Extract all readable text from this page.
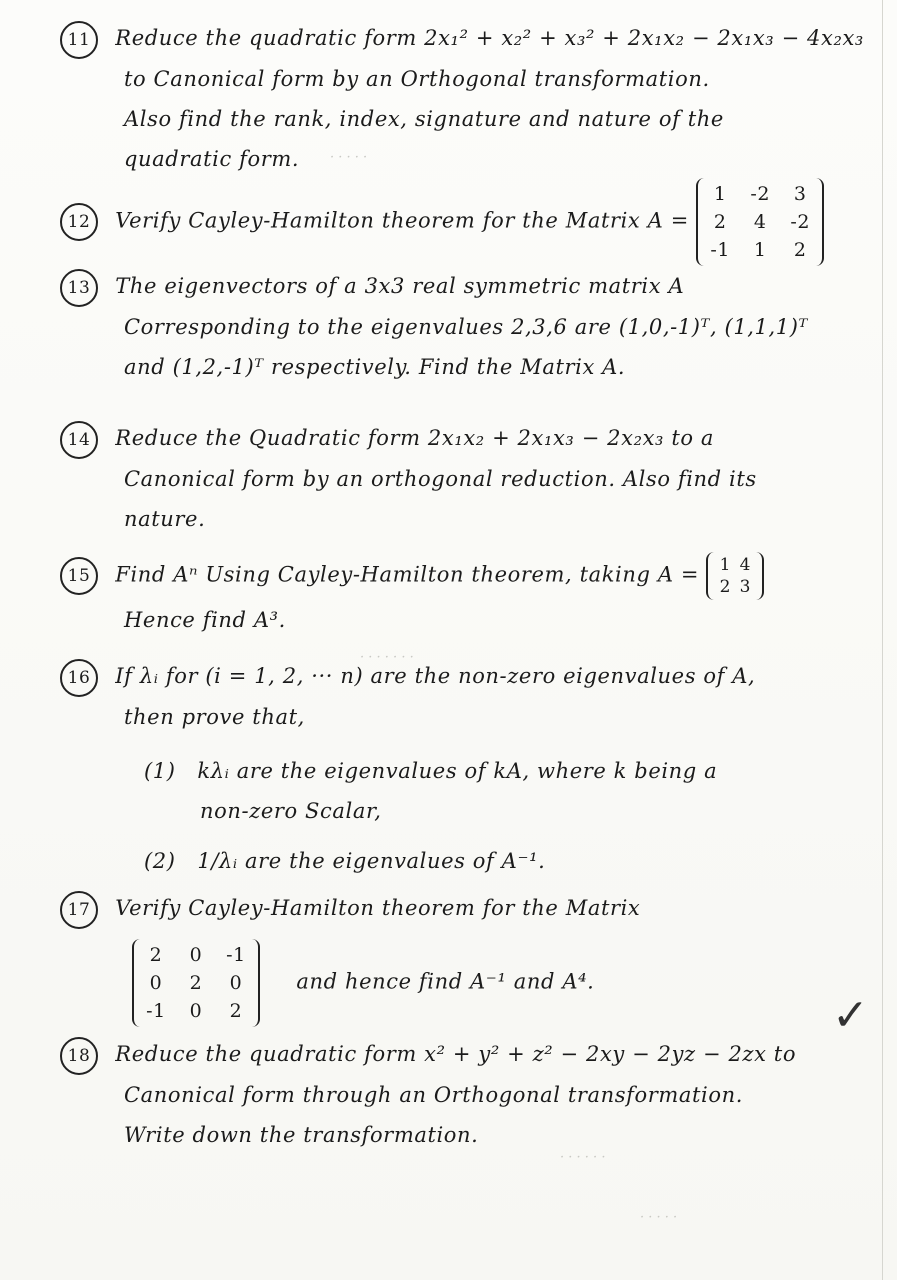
· · · · ·
· · · · · · ·
11 Reduce the quadratic form 2x₁² + x₂² + x₃² + 2x₁x₂ − 2x₁x₃ − 4x₂x₃
to Canonical form by an Orthogonal transformation.
Also find the rank, index, signature and nature of the
quadratic form.
12 Verify Cayley-Hamilton theorem for the Matrix A =
1 -2 3
2 4 -2
-1 1 2
13 The eigenvectors of a 3x3 real symmetric matrix A
Corresponding to the eigenvalues 2,3,6 are (1,0,-1)ᵀ, (1,1,1)ᵀ
and (1,2,-1)ᵀ respectively. Find the Matrix A.
14 Reduce the Quadratic form 2x₁x₂ + 2x₁x₃ − 2x₂x₃ to a
Canonical form by an orthogonal reduction. Also find its
nature.
15 Find Aⁿ Using Cayley-Hamilton theorem, taking A = 1 4
2 3
Hence find A³.
16 If λᵢ for (i = 1, 2, ··· n) are the non-zero eigenvalues of A,
then prove that,
(1) kλᵢ are the eigenvalues of kA, where k being a
non-zero Scalar,
(2) 1/λᵢ are the eigenvalues of A⁻¹.
17 Verify Cayley-Hamilton theorem for the Matrix
2 0 -1
0 2 0
-1 0 2
and hence find A⁻¹ and A⁴.
18 Reduce the quadratic form x² + y² + z² − 2xy − 2yz − 2zx to
Canonical form through an Orthogonal transformation.
Write down the transformation.
✓
· · · · · ·
· · · · ·
